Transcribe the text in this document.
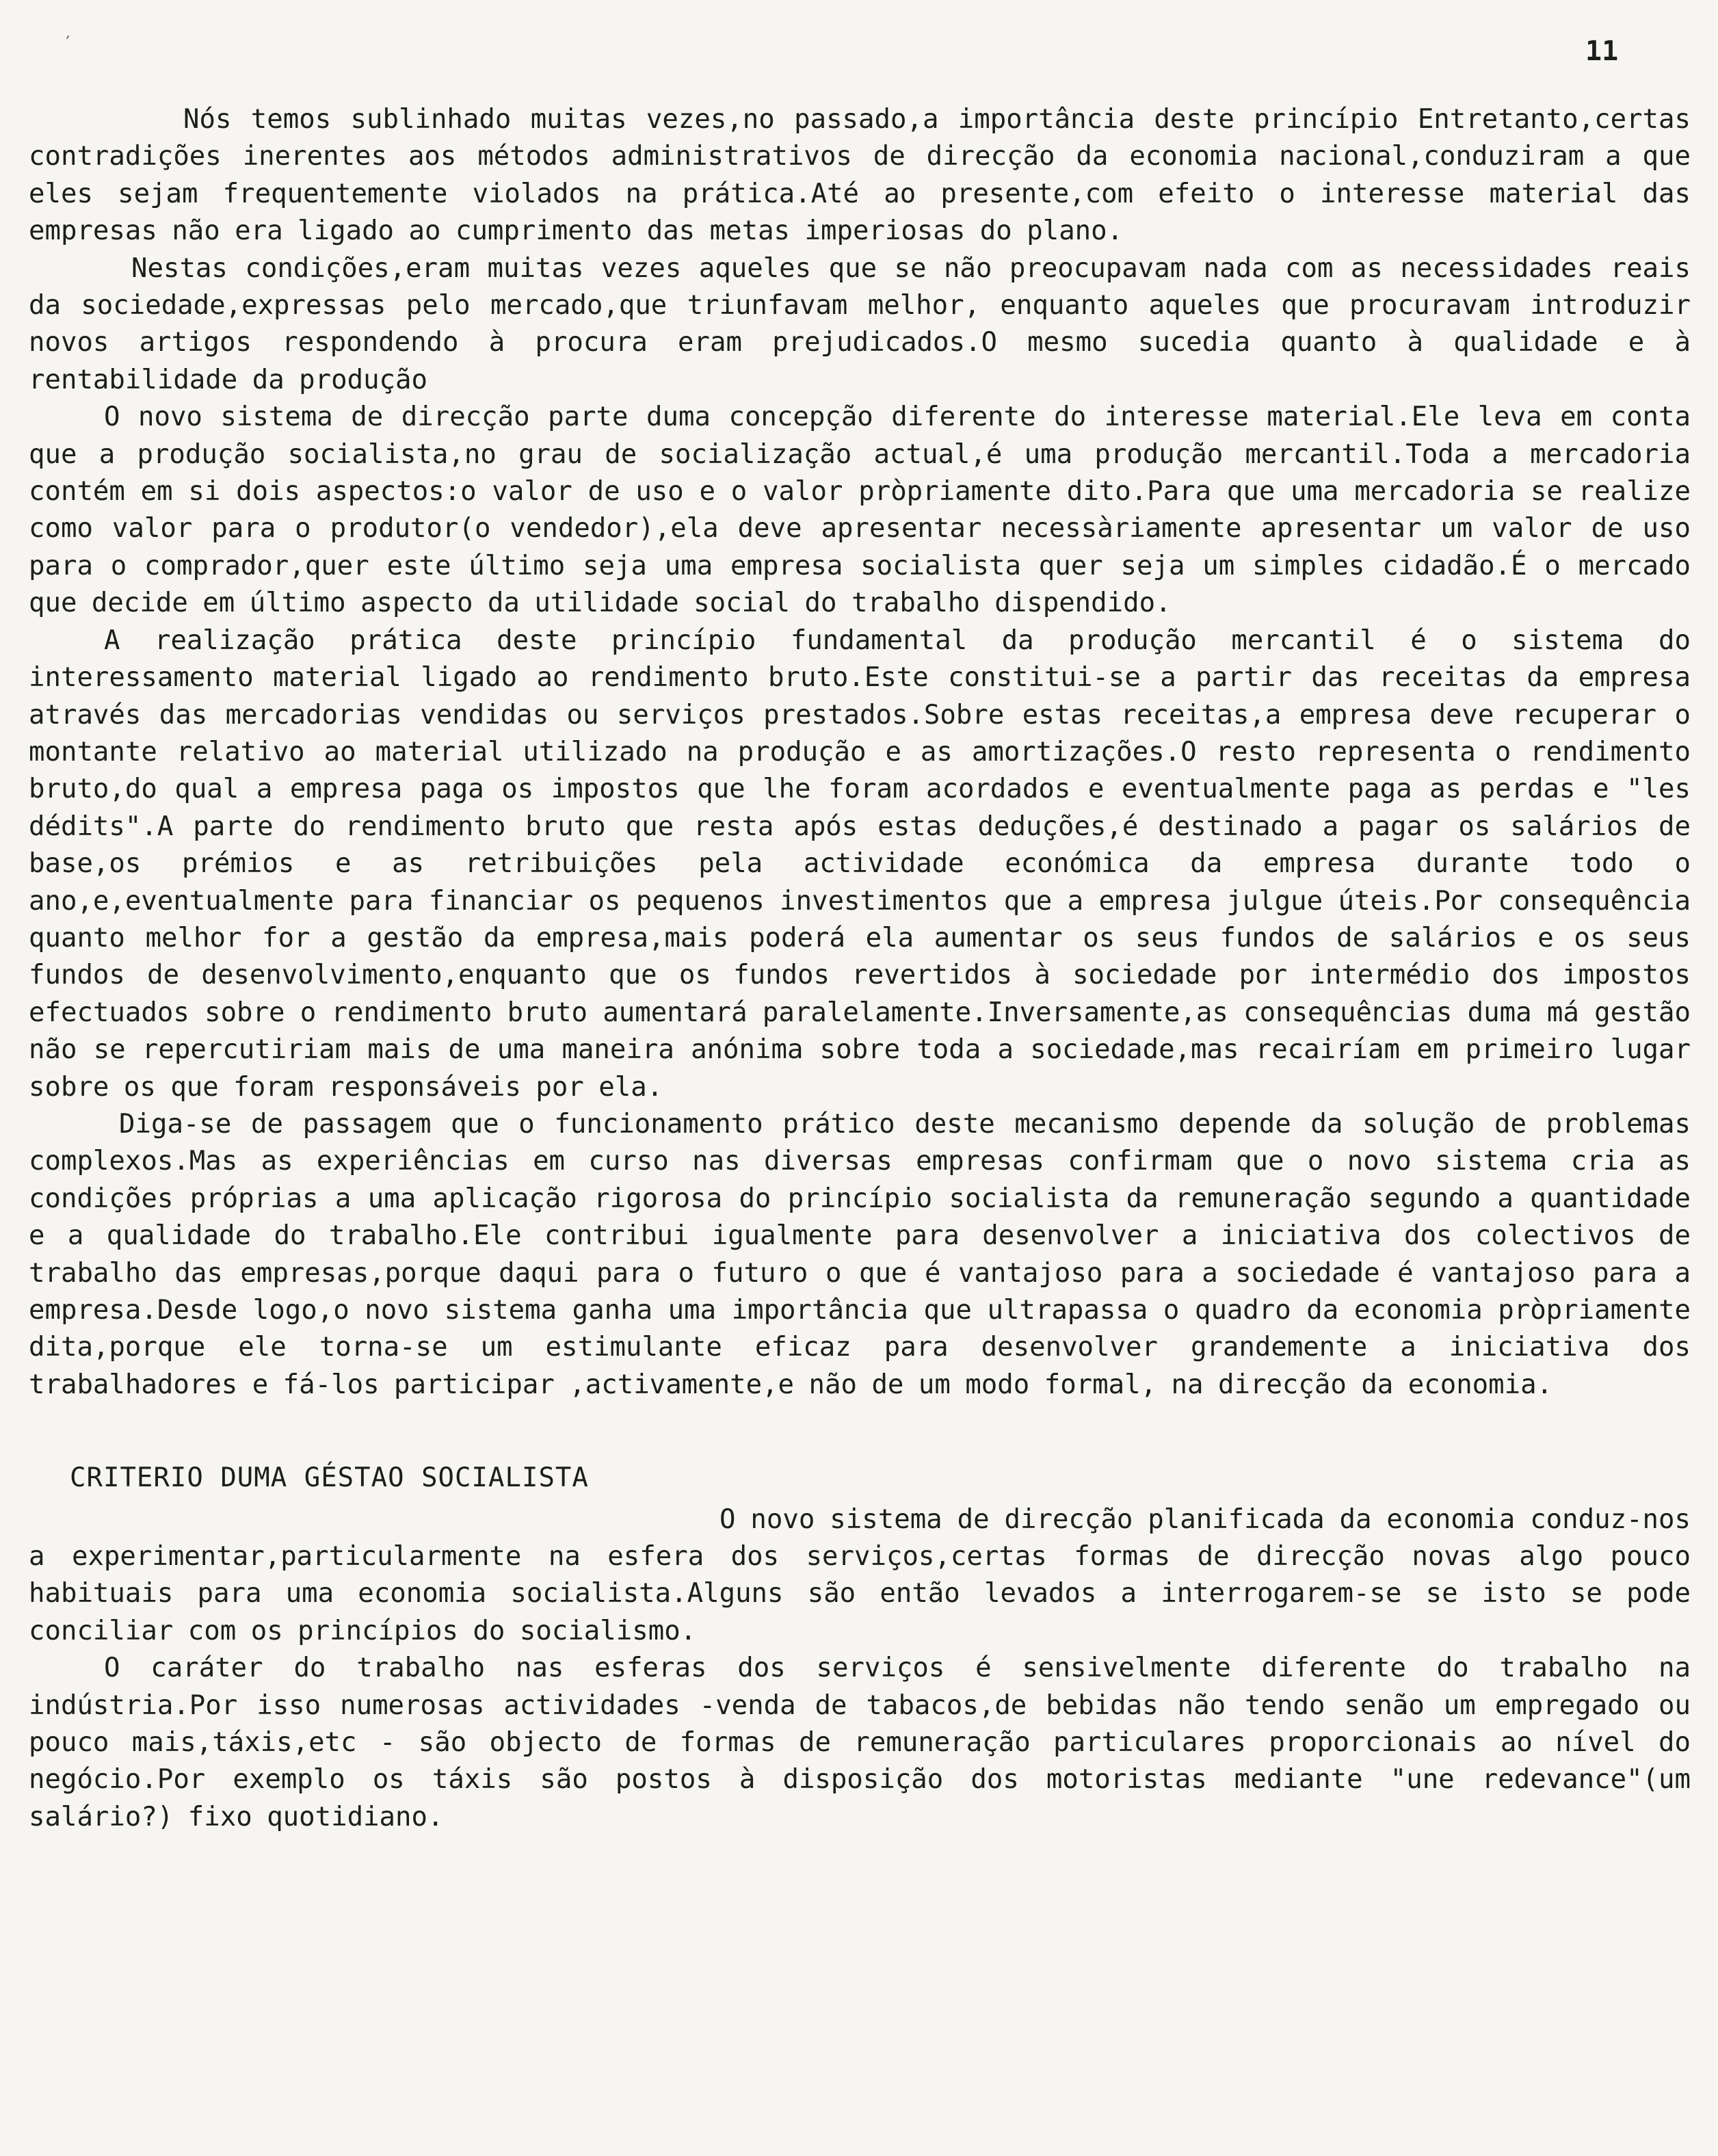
′	11

Nós temos sublinhado muitas vezes,no passado,a importância deste princípio Entretanto,certas contradições inerentes aos métodos administrativos de direcção da economia nacional,conduziram a que eles sejam frequentemente violados na prática.Até ao presente,com efeito o interesse material das empresas não era ligado ao cumprimento das metas imperiosas do plano.

Nestas condições,eram muitas vezes aqueles que se não preocupavam nada com as necessidades reais da sociedade,expressas pelo mercado,que triunfavam melhor, enquanto aqueles que procuravam introduzir novos artigos respondendo à procura eram prejudicados.O mesmo sucedia quanto à qualidade e à rentabilidade da produção

O novo sistema de direcção parte duma concepção diferente do interesse material.Ele leva em conta que a produção socialista,no grau de socialização actual,é uma produção mercantil.Toda a mercadoria contém em si dois aspectos:o valor de uso e o valor pròpriamente dito.Para que uma mercadoria se realize como valor para o produtor(o vendedor),ela deve apresentar necessàriamente apresentar um valor de uso para o comprador,quer este último seja uma empresa socialista quer seja um simples cidadão.É o mercado que decide em último aspecto da utilidade social do trabalho dispendido.

A realização prática deste princípio fundamental da produção mercantil é o sistema do interessamento material ligado ao rendimento bruto.Este constitui-se a partir das receitas da empresa através das mercadorias vendidas ou serviços prestados.Sobre estas receitas,a empresa deve recuperar o montante relativo ao material utilizado na produção e as amortizações.O resto representa o rendimento bruto,do qual a empresa paga os impostos que lhe foram acordados e eventualmente paga as perdas e "les dédits".A parte do rendimento bruto que resta após estas deduções,é destinado a pagar os salários de base,os prémios e as retribuições pela actividade económica da empresa durante todo o ano,e,eventualmente para financiar os pequenos investimentos que a empresa julgue úteis.Por consequência quanto melhor for a gestão da empresa,mais poderá ela aumentar os seus fundos de salários e os seus fundos de desenvolvimento,enquanto que os fundos revertidos à sociedade por intermédio dos impostos efectuados sobre o rendimento bruto aumentará paralelamente.Inversamente,as consequências duma má gestão não se repercutiriam mais de uma maneira anónima sobre toda a sociedade,mas recairíam em primeiro lugar sobre os que foram responsáveis por ela.

Diga-se de passagem que o funcionamento prático deste mecanismo depende da solução de problemas complexos.Mas as experiências em curso nas diversas empresas confirmam que o novo sistema cria as condições próprias a uma aplicação rigorosa do princípio socialista da remuneração segundo a quantidade e a qualidade do trabalho.Ele contribui igualmente para desenvolver a iniciativa dos colectivos de trabalho das empresas,porque daqui para o futuro o que é vantajoso para a sociedade é vantajoso para a empresa.Desde logo,o novo sistema ganha uma importância que ultrapassa o quadro da economia pròpriamente dita,porque ele torna-se um estimulante eficaz para desenvolver grandemente a iniciativa dos trabalhadores e fá-los participar ,activamente,e não de um modo formal, na direcção da economia.

CRITERIO DUMA GÉSTAO SOCIALISTA

O novo sistema de direcção planificada da economia conduz-nos a experimentar,particularmente na esfera dos serviços,certas formas de direcção novas algo pouco habituais para uma economia socialista.Alguns são então levados a interrogarem-se se isto se pode conciliar com os princípios do socialismo.

O caráter do trabalho nas esferas dos serviços é sensivelmente diferente do trabalho na indústria.Por isso numerosas actividades -venda de tabacos,de bebidas não tendo senão um empregado ou pouco mais,táxis,etc - são objecto de formas de remuneração particulares proporcionais ao nível do negócio.Por exemplo os táxis são postos à disposição dos motoristas mediante "une redevance"(um salário?) fixo quotidiano.
